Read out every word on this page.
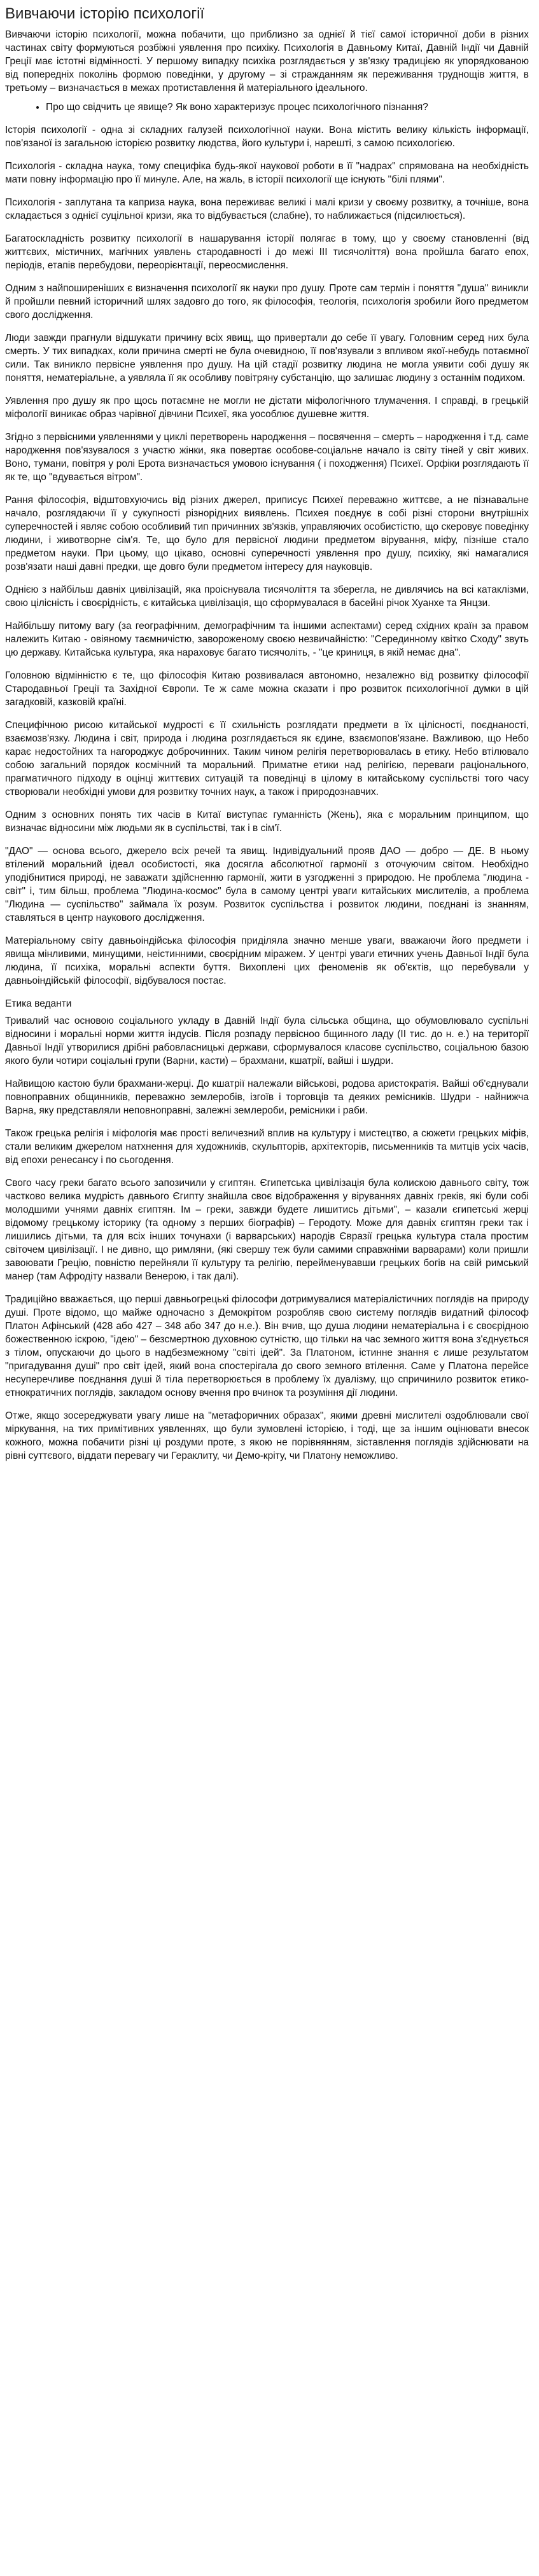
Вивчаючи історію психології

Вивчаючи історію психології, можна побачити, що приблизно за однієї й тієї самої історичної доби в різних частинах світу формуються розбіжні уявлення про психіку. Психологія в Давньому Китаї, Давній Індії чи Давній Греції має істотні відмінності. У першому випадку психіка розглядається у зв'язку традицією як упорядкованою від попередніх поколінь формою поведінки, у другому – зі стражданням як переживання труднощів життя, в третьому – визначається в межах протиставлення й матеріального ідеального.

• Про що свідчить це явище? Як воно характеризує процес психологічного пізнання?

Історія психології - одна зі складних галузей психологічної науки. Вона містить велику кількість інформації, пов'язаної із загальною історією розвитку людства, його культури і, нарешті, з самою психологією.

Психологія - складна наука, тому специфіка будь-якої наукової роботи в її "надрах" спрямована на необхідність мати повну інформацію про її минуле. Але, на жаль, в історії психології ще існують "білі плями".

Психологія - заплутана та каприза наука, вона переживає великі і малі кризи у своєму розвитку, а точніше, вона складається з однієї суцільної кризи, яка то відбувається (слабне), то наближається (підсилюється).

Багатоскладність розвитку психології в нашарування історії полягає в тому, що у своєму становленні (від життєвих, містичних, магічних уявлень стародавності і до межі ІІІ тисячоліття) вона пройшла багато епох, періодів, етапів перебудови, переорієнтації, переосмислення.

Одним з найпоширеніших є визначення психології як науки про душу. Проте сам термін і поняття "душа" виникли й пройшли певний історичний шлях задовго до того, як філософія, теологія, психологія зробили його предметом свого дослідження.

Люди завжди прагнули відшукати причину всіх явищ, що привертали до себе її увагу. Головним серед них була смерть. У тих випадках, коли причина смерті не була очевидною, її пов'язували з впливом якої-небудь потаємної сили. Так виникло первісне уявлення про душу. На цій стадії розвитку людина не могла уявити собі душу як поняття, нематеріальне, а уявляла її як особливу повітряну субстанцію, що залишає людину з останнім подихом.

Уявлення про душу як про щось потаємне не могли не дістати міфологічного тлумачення. І справді, в грецькій міфології виникає образ чарівної дівчини Психеї, яка уособлює душевне життя.

Згідно з первісними уявленнями у циклі перетворень народження – посвячення – смерть – народження і т.д. саме народження пов'язувалося з участю жінки, яка повертає особове-соціальне начало із світу тіней у світ живих. Воно, тумани, повітря у ролі Ерота визначається умовою існування ( і походження) Психеї. Орфіки розглядають її як те, що "вдувається вітром".

Рання філософія, відштовхуючись від різних джерел, приписує Психеї переважно життєве, а не пізнавальне начало, розглядаючи її у сукупності різнорідних виявлень. Психея поєднує в собі різні сторони внутрішніх суперечностей і являє собою особливий тип причинних зв'язків, управляючих особистістю, що скеровує поведінку людини, і животворне сім'я. Те, що було для первісної людини предметом вірування, міфу, пізніше стало предметом науки. При цьому, що цікаво, основні суперечності уявлення про душу, психіку, які намагалися розв'язати наші давні предки, ще довго були предметом інтересу для науковців.

Однією з найбільш давніх цивілізацій, яка проіснувала тисячоліття та зберегла, не дивлячись на всі катаклізми, свою цілісність і своєрідність, є китайська цивілізація, що сформувалася в басейні річок Хуанхе та Янцзи.

Найбільшу питому вагу (за географічним, демографічним та іншими аспектами) серед східних країн за правом належить Китаю - овіяному таємничістю, завороженому своєю незвичайністю: "Серединному квітко Сходу" звуть цю державу. Китайська культура, яка нараховує багато тисячоліть, - "це криниця, в якій немає дна".

Головною відмінністю є те, що філософія Китаю розвивалася автономно, незалежно від розвитку філософії Стародавньої Греції та Західної Європи. Те ж саме можна сказати і про розвиток психологічної думки в цій загадковій, казковій країні.

Специфічною рисою китайської мудрості є її схильність розглядати предмети в їх цілісності, поєднаності, взаємозв'язку. Людина і світ, природа і людина розглядається як єдине, взаємопов'язане. Важливою, що Небо карає недостойних та нагороджує доброчинних. Таким чином релігія перетворювалась в етику. Небо втілювало собою загальний порядок космічний та моральний. Приматне етики над релігією, переваги раціонального, прагматичного підходу в оцінці життєвих ситуацій та поведінці в цілому в китайському суспільстві того часу створювали необхідні умови для розвитку точних наук, а також і природознавчих.

Одним з основних понять тих часів в Китаї виступає гуманність (Жень), яка є моральним принципом, що визначає відносини між людьми як в суспільстві, так і в сім'ї.

"ДАО" — основа всього, джерело всіх речей та явищ. Індивідуальний прояв ДАО — добро — ДЕ. В ньому втілений моральний ідеал особистості, яка досягла абсолютної гармонії з оточуючим світом. Необхідно уподібнитися природі, не заважати здійсненню гармонії, жити в узгодженні з природою. Не проблема "людина - світ" і, тим більш, проблема "Людина-космос" була в самому центрі уваги китайських мислителів, а проблема "Людина — суспільство" займала їх розум. Розвиток суспільства і розвиток людини, поєднані із знанням, ставляться в центр наукового дослідження.

Матеріальному світу давньоіндійська філософія приділяла значно менше уваги, вважаючи його предмети і явища мінливими, минущими, неістинними, своєрідним міражем. У центрі уваги етичних учень Давньої Індії була людина, її психіка, моральні аспекти буття. Вихоплені цих феноменів як об'єктів, що перебували у давньоіндійській філософії, відбувалося постає.

Етика веданти

Тривалий час основою соціального укладу в Давній Індії була сільська община, що обумовлювало суспільні відносини і моральні норми життя індусів. Після розпаду первісноо бщинного ладу (ІІ тис. до н. е.) на території Давньої Індії утворилися дрібні рабовласницькі держави, сформувалося класове суспільство, соціальною базою якого були чотири соціальні групи (Варни, касти) – брахмани, кшатрії, вайші і шудри.

Найвищою кастою були брахмани-жерці. До кшатрії належали військові, родова аристократія. Вайші об'єднували повноправних общинників, переважно землеробів, ізгоїв і торговців та деяких ремісників. Шудри - найнижча Варна, яку представляли неповноправні, залежні землероби, ремісники і раби.

Також грецька релігія і міфологія має прості величезний вплив на культуру і мистецтво, а сюжети грецьких міфів, стали великим джерелом натхнення для художників, скульпторів, архітекторів, письменників та митців усіх часів, від епохи ренесансу і по сьогодення.

Свого часу греки багато всього запозичили у єгиптян. Єгипетська цивілізація була колискою давнього світу, тож частково велика мудрість давнього Єгипту знайшла своє відображення у віруваннях давніх греків, які були собі молодшими учнями давніх єгиптян. Ім – греки, завжди будете лишитись дітьми", – казали єгипетські жерці відомому грецькому історику (та одному з перших біографів) – Геродоту. Може для давніх єгиптян греки так і лишились дітьми, та для всіх інших точунахи (і варварських) народів Євразії грецька культура стала простим світочем цивілізації. І не дивно, що римляни, (які свершу теж були самими справжніми варварами) коли пришли завоювати Грецію, повністю перейняли її культуру та релігію, перейменувавши грецьких богів на свій римський манер (там Афродіту назвали Венерою, і так далі).

Традиційно вважається, що перші давньогрецькі філософи дотримувалися матеріалістичних поглядів на природу душі. Проте відомо, що майже одночасно з Демокрітом розробляв свою систему поглядів видатний філософ Платон Афінський (428 або 427 – 348 або 347 до н.е.). Він вчив, що душа людини нематеріальна і є своєрідною божественною іскрою, "ідею" – безсмертною духовною сутністю, що тільки на час земного життя вона з'єднується з тілом, опускаючи до цього в надбезмежному "світі ідей". За Платоном, істинне знання є лише результатом "пригадування душі" про світ ідей, який вона спостерігала до свого земного втілення. Саме у Платона перейсе несуперечливе поєднання душі й тіла перетворюється в проблему їх дуалізму, що спричинило розвиток етико-етнократичних поглядів, закладом основу вчення про вчинок та розуміння дії людини.

Отже, якщо зосереджувати увагу лише на "метафоричних образах", якими древні мислителі оздоблювали свої міркування, на тих примітивних уявленнях, що були зумовлені історією, і тоді, ще за іншим оцінювати внесок кожного, можна побачити різні ці роздуми проте, з якою не порівнянням, зіставлення поглядів здійснювати на рівні суттєвого, віддати перевагу чи Гераклиту, чи Демо-кріту, чи Платону неможливо.
